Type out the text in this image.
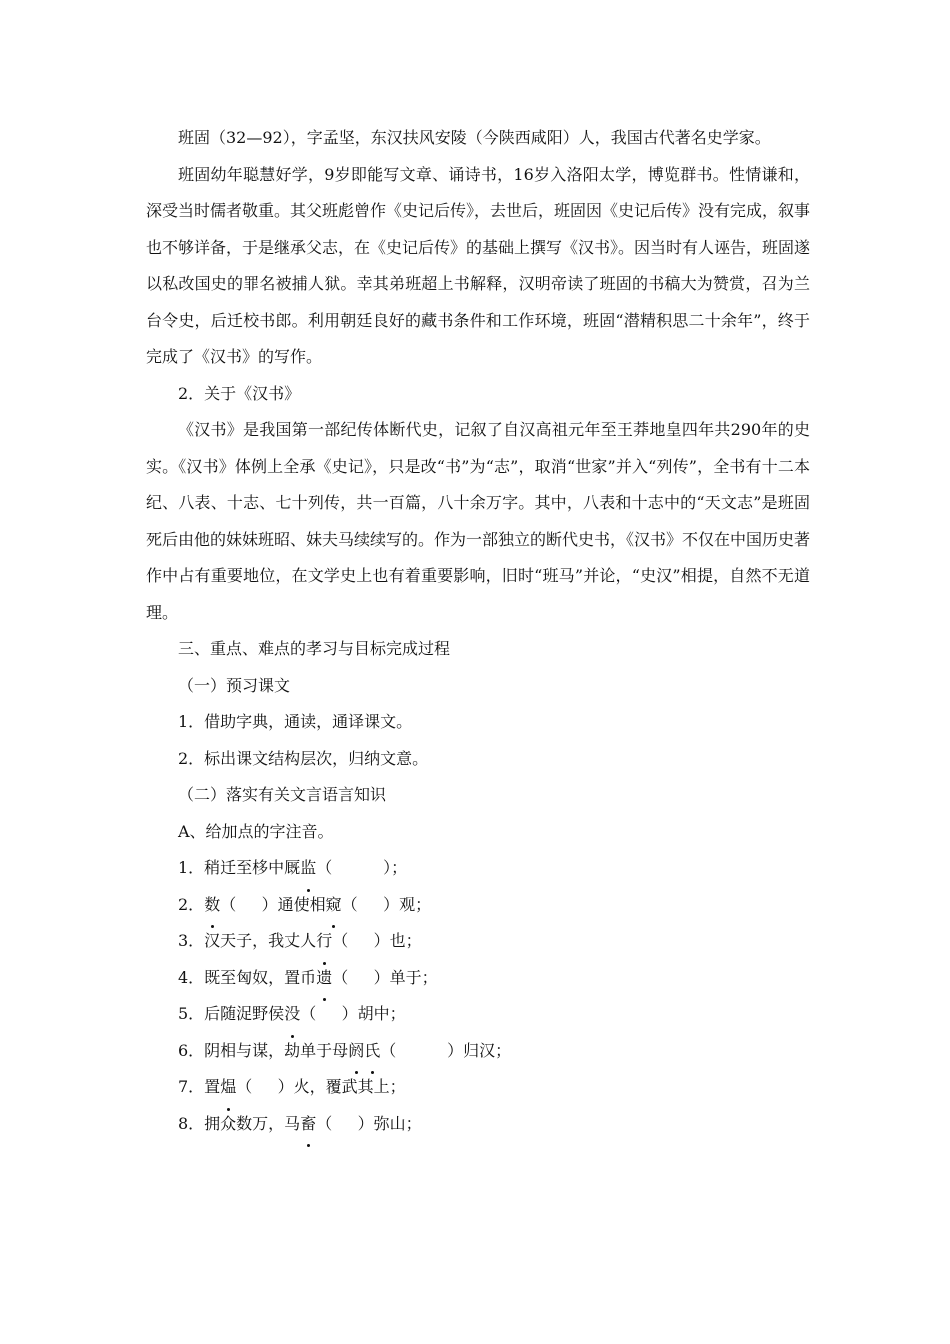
班固（32—92），字孟坚，东汉扶风安陵（今陕西咸阳）人，我国古代著名史学家。

班固幼年聪慧好学，9岁即能写文章、诵诗书，16岁入洛阳太学，博览群书。性情谦和，深受当时儒者敬重。其父班彪曾作《史记后传》，去世后，班固因《史记后传》没有完成，叙事也不够详备，于是继承父志，在《史记后传》的基础上撰写《汉书》。因当时有人诬告，班固遂以私改国史的罪名被捕人狱。幸其弟班超上书解释，汉明帝读了班固的书稿大为赞赏，召为兰台令史，后迁校书郎。利用朝廷良好的藏书条件和工作环境，班固“潜精积思二十余年”，终于完成了《汉书》的写作。

2．关于《汉书》

《汉书》是我国第一部纪传体断代史，记叙了自汉高祖元年至王莽地皇四年共290年的史实。《汉书》体例上全承《史记》，只是改“书”为“志”，取消“世家”并入“列传”，全书有十二本纪、八表、十志、七十列传，共一百篇，八十余万字。其中，八表和十志中的“天文志”是班固死后由他的妹妹班昭、妹夫马续续写的。作为一部独立的断代史书，《汉书》不仅在中国历史著作中占有重要地位，在文学史上也有着重要影响，旧时“班马”并论，“史汉”相提，自然不无道理。

三、重点、难点的孝习与目标完成过程

（一）预习课文

1．借助字典，通读，通译课文。

2．标出课文结构层次，归纳文意。

（二）落实有关文言语言知识

A、给加点的字注音。

1．稍迁至栘中厩监（          ）；

2．数（     ）通使相窥（     ）观；

3．汉天子，我丈人行（     ）也；

4．既至匈奴，置币遗（     ）单于；

5．后随浞野侯没（     ）胡中；

6．阴相与谋，劫单于母阏氏（          ）归汉；

7．置煴（     ）火，覆武其上；

8．拥众数万，马畜（     ）弥山；
